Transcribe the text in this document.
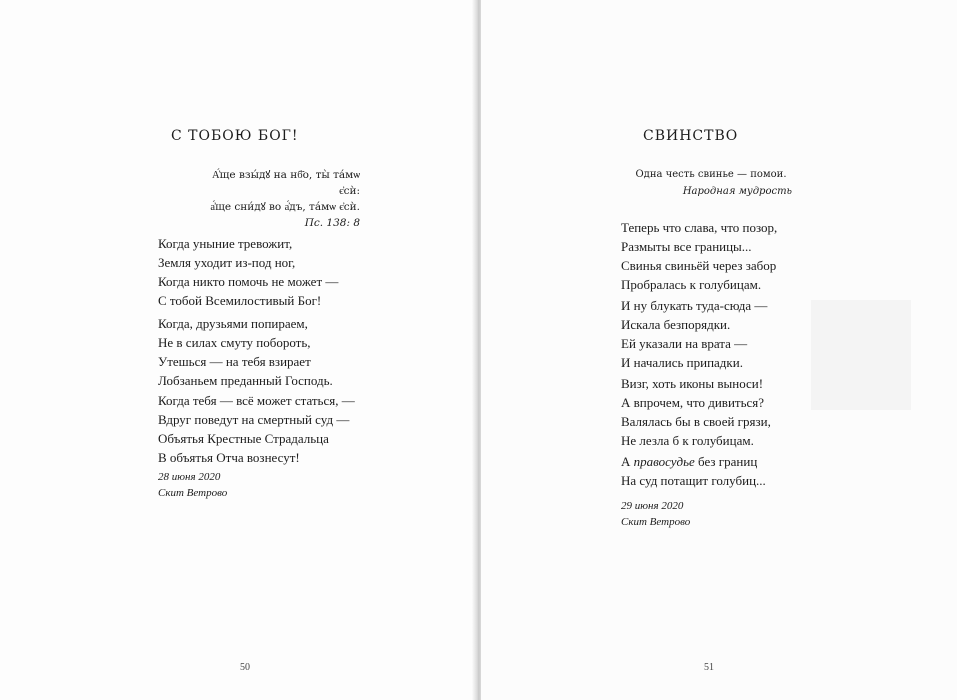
С ТОБОЮ БОГ!
А҆́ще взы́дꙋ на нб҃о, ты̀ та́мѡ є҆сѝ:
а҆́ще сни́дꙋ во а҆́дъ, та́мѡ є҆сѝ.
Пс. 138: 8
Когда уныние тревожит,
Земля уходит из-под ног,
Когда никто помочь не может —
С тобой Всемилостивый Бог!
Когда, друзьями попираем,
Не в силах смуту побороть,
Утешься — на тебя взирает
Лобзаньем преданный Господь.
Когда тебя — всё может статься, —
Вдруг поведут на смертный суд —
Объятья Крестные Страдальца
В объятья Отча вознесут!
28 июня 2020
Скит Ветрово
50
СВИНСТВО
Одна честь свинье — помои.
Народная мудрость
Теперь что слава, что позор,
Размыты все границы...
Свинья свиньёй через забор
Пробралась к голубицам.
И ну блукать туда-сюда —
Искала безпорядки.
Ей указали на врата —
И начались припадки.
Визг, хоть иконы выноси!
А впрочем, что дивиться?
Валялась бы в своей грязи,
Не лезла б к голубицам.
А правосудье без границ
На суд потащит голубиц...
29 июня 2020
Скит Ветрово
51
